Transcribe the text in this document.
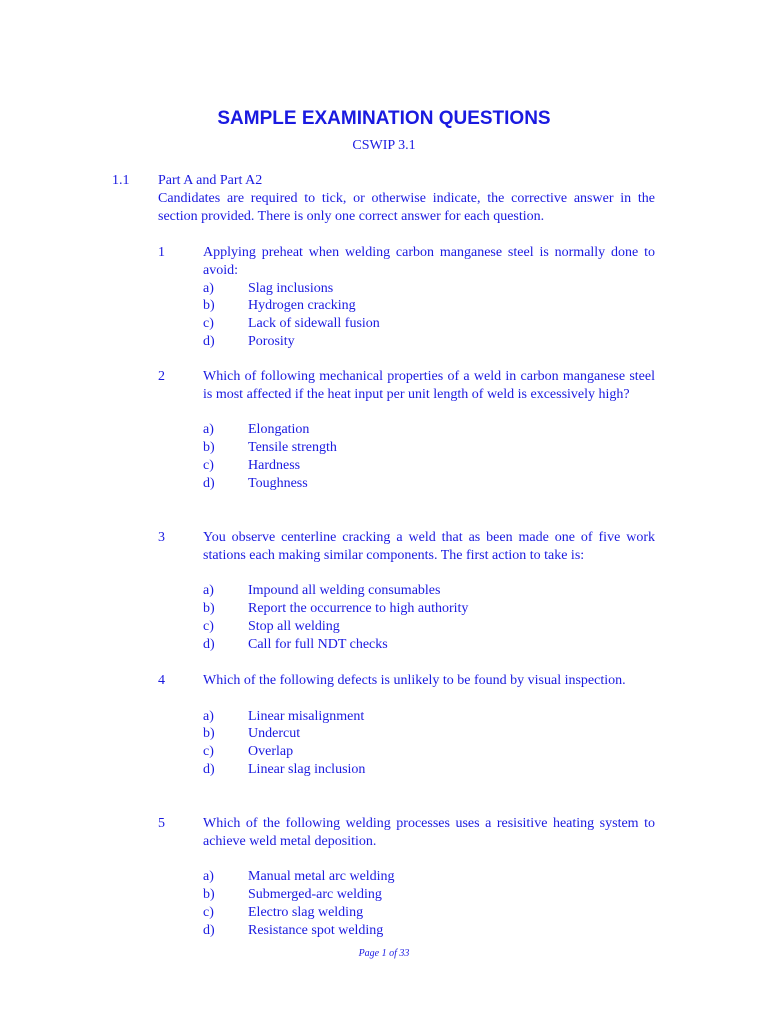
SAMPLE EXAMINATION QUESTIONS
CSWIP 3.1
1.1 Part A and Part A2
Candidates are required to tick, or otherwise indicate, the corrective answer in the section provided. There is only one correct answer for each question.
1	Applying preheat when welding carbon manganese steel is normally done to avoid:
a)	Slag inclusions
b)	Hydrogen cracking
c)	Lack of sidewall fusion
d)	Porosity
2	Which of following mechanical properties of a weld in carbon manganese steel is most affected if the heat input per unit length of weld is excessively high?
a)	Elongation
b)	Tensile strength
c)	Hardness
d)	Toughness
3	You observe centerline cracking a weld that as been made one of five work stations each making similar components. The first action to take is:
a)	Impound all welding consumables
b)	Report the occurrence to high authority
c)	Stop all welding
d)	Call for full NDT checks
4	Which of the following defects is unlikely to be found by visual inspection.
a)	Linear misalignment
b)	Undercut
c)	Overlap
d)	Linear slag inclusion
5	Which of the following welding processes uses a resisitive heating system to achieve weld metal deposition.
a)	Manual metal arc welding
b)	Submerged-arc welding
c)	Electro slag welding
d)	Resistance spot welding
Page 1 of 33
